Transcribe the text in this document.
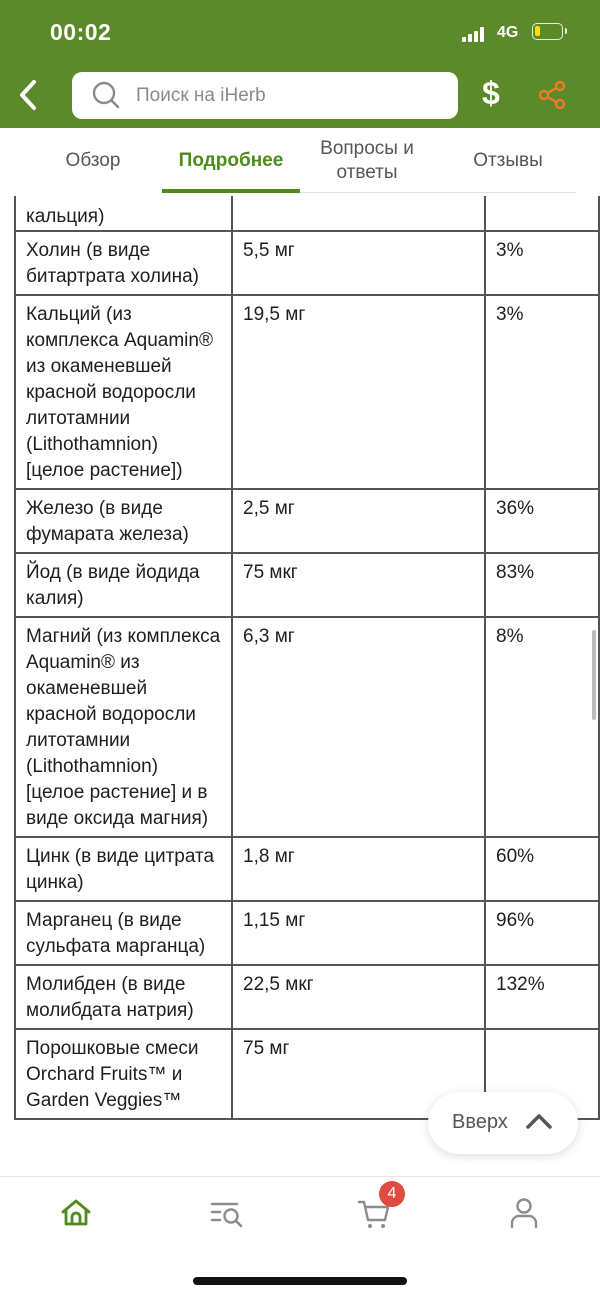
00:02	4G
Поиск на iHerb	$
Обзор	Подробнее
Вопросы и ответы
Отзывы
кальция)		
Холин (в виде битартрата холина)	5,5 мг	3%
Кальций (из комплекса Aquamin® из окаменевшей красной водоросли литотамнии (Lithothamnion) [целое растение])	19,5 мг	3%
Железо (в виде фумарата железа)	2,5 мг	36%
Йод (в виде йодида калия)	75 мкг	83%
Магний (из комплекса Aquamin® из окаменевшей красной водоросли литотамнии (Lithothamnion) [целое растение] и в виде оксида магния)	6,3 мг	8%
Цинк (в виде цитрата цинка)	1,8 мг	60%
Марганец (в виде сульфата марганца)	1,15 мг	96%
Молибден (в виде молибдата натрия)	22,5 мкг	132%
Порошковые смеси Orchard Fruits™ и Garden Veggies™	75 мг	
Вверх
4
